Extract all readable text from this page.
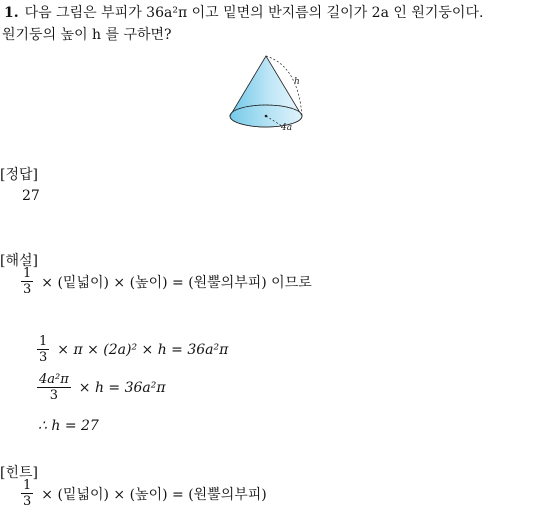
1. 다음 그림은 부피가 36a²π 이고 밑면의 반지름의 길이가 2a 인 원기둥이다.
원기둥의 높이 h 를 구하면?
h
4a
[정답]
27
[해설]
$\frac{1}{3}$ × (밑넓이) × (높이) = (원뿔의부피) 이므로
$\frac{1}{3} \times \pi \times (2a)^2 \times h = 36a^2\pi$
$\frac{\text{4a²π}}{3} \times h = 36a^2\pi$
∴ h = 27
[힌트]
$\frac{1}{3}$ × (밑넓이) × (높이) = (원뿔의부피)
